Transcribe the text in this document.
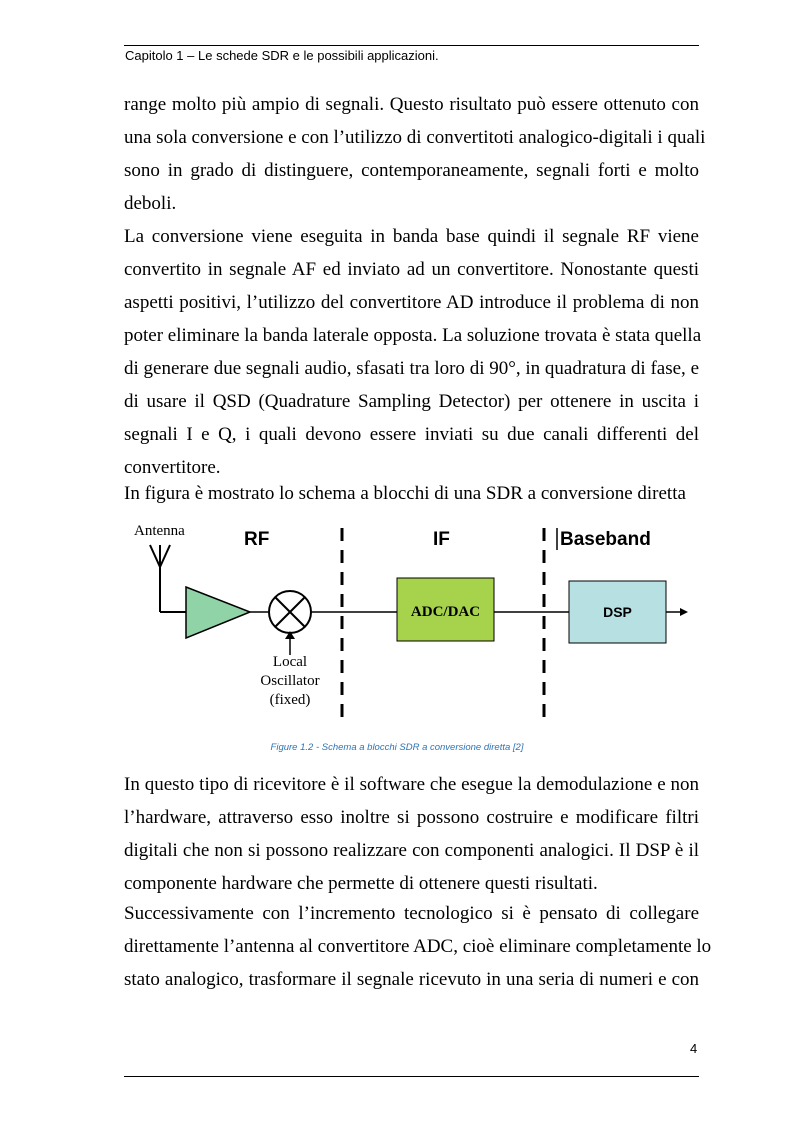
Capitolo 1 – Le schede SDR e le possibili applicazioni.
range molto più ampio di segnali. Questo risultato può essere ottenuto con
una sola conversione e con l’utilizzo di convertitoti analogico-digitali i quali
sono in grado di distinguere, contemporaneamente, segnali forti e molto
deboli.
La conversione viene eseguita in banda base quindi il segnale RF viene
convertito in segnale AF ed inviato ad un convertitore. Nonostante questi
aspetti positivi, l’utilizzo del convertitore AD introduce il problema di non
poter eliminare la banda laterale opposta. La soluzione trovata è stata quella
di generare due segnali audio, sfasati tra loro di 90°, in quadratura di fase, e
di usare il QSD (Quadrature Sampling Detector) per ottenere in uscita i
segnali I e Q, i quali devono essere inviati su due canali differenti del
convertitore.
In figura è mostrato lo schema a blocchi di una SDR a conversione diretta
Antenna	RF	IF	Baseband
Local
Oscillator
(fixed)
ADC/DAC	DSP
Figure 1.2 - Schema a blocchi SDR a conversione diretta [2]
In questo tipo di ricevitore è il software che esegue la demodulazione e non
l’hardware, attraverso esso inoltre si possono costruire e modificare filtri
digitali che non si possono realizzare con componenti analogici. Il DSP è il
componente hardware che permette di ottenere questi risultati.
Successivamente con l’incremento tecnologico si è pensato di collegare
direttamente l’antenna al convertitore ADC, cioè eliminare completamente lo
stato analogico, trasformare il segnale ricevuto in una seria di numeri e con
4
